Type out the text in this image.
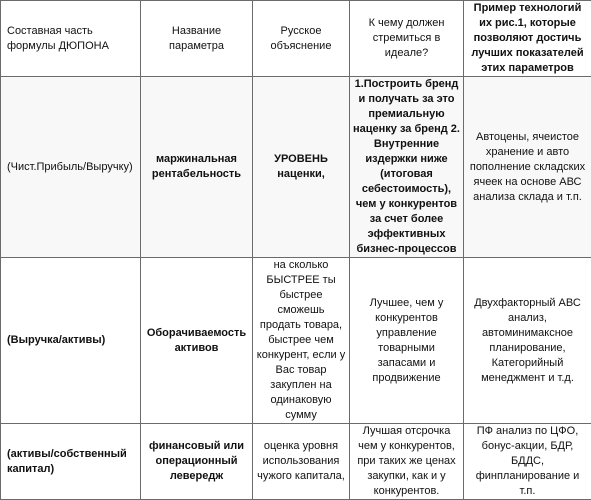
Составная часть формулы ДЮПОНА	Название параметра	Русское объяснение	К чему должен стремиться в идеале?	Пример технологий их рис.1, которые позволяют достичь лучших показателей этих параметров
(Чист.Прибыль/Выручку)	маржинальная рентабельность	УРОВЕНЬ наценки,	1.Построить бренд и получать за это премиальную наценку за бренд 2. Внутренние издержки ниже (итоговая себестоимость), чем у конкурентов за счет более эффективных бизнес-процессов	Автоцены, ячеистое хранение и авто пополнение складских ячеек на основе АВС анализа склада и т.п.
(Выручка/активы)	Оборачиваемость активов	на сколько БЫСТРЕЕ ты быстрее сможешь продать товара, быстрее чем конкурент, если у Вас товар закуплен на одинаковую сумму	Лучшее, чем у конкурентов управление товарными запасами и продвижение	Двухфакторный АВС анализ, автоминимаксное планирование, Категорийный менеджмент и т.д.
(активы/собственный капитал)	финансовый или операционный левередж	оценка уровня использования чужого капитала,	Лучшая отсрочка чем у конкурентов, при таких же ценах закупки, как и у конкурентов.	ПФ анализ по ЦФО, бонус-акции, БДР, БДДС, финпланирование и т.п.
